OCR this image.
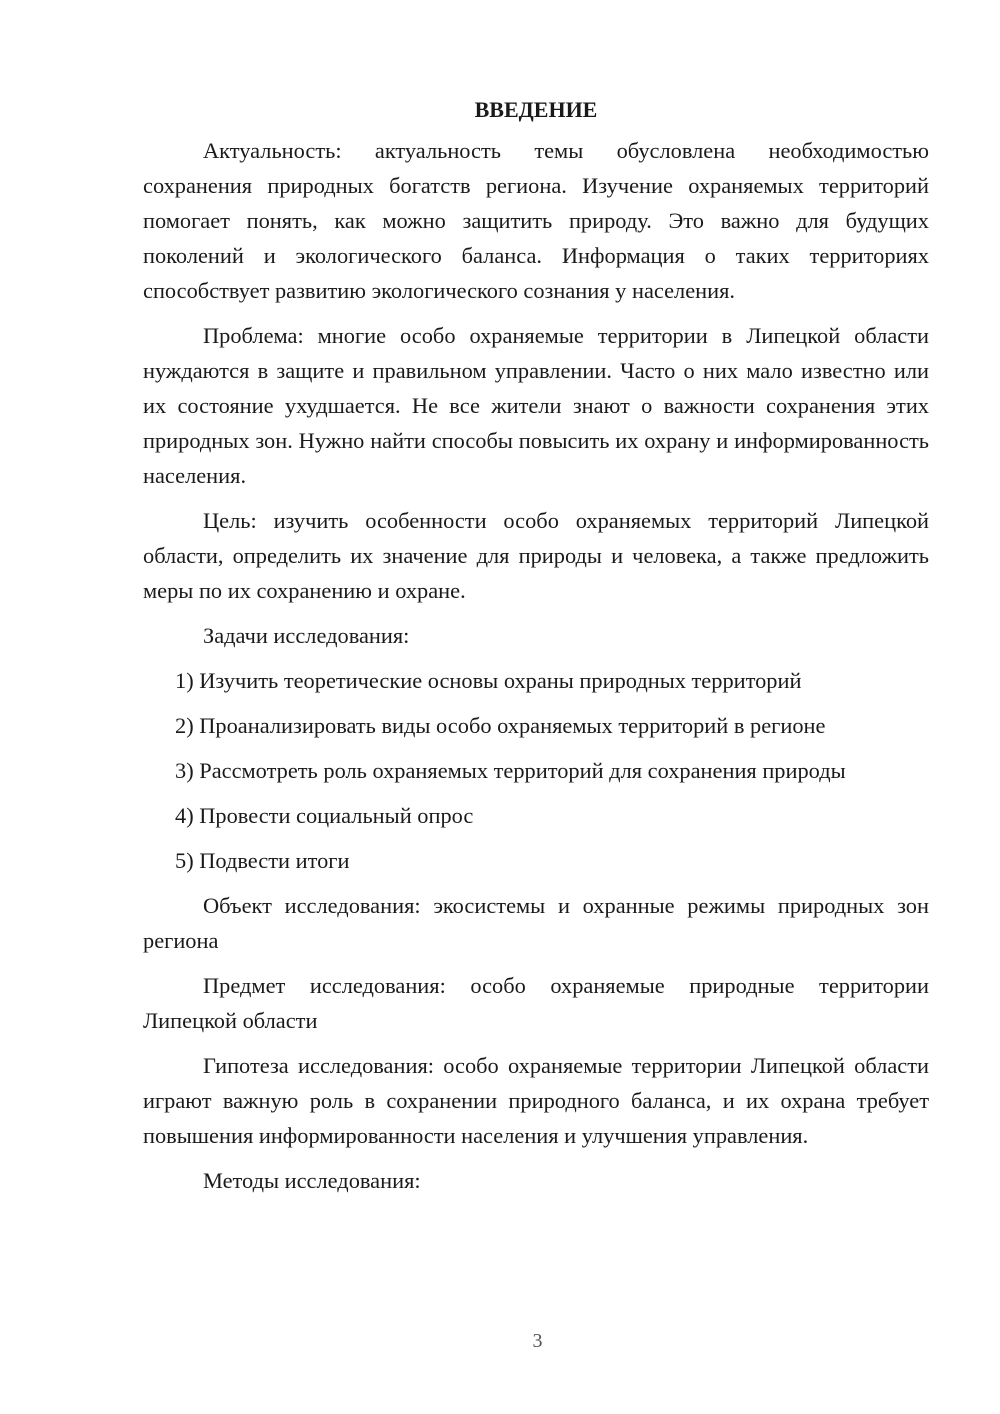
ВВЕДЕНИЕ

Актуальность: актуальность темы обусловлена необходимостью сохранения природных богатств региона. Изучение охраняемых территорий помогает понять, как можно защитить природу. Это важно для будущих поколений и экологического баланса. Информация о таких территориях способствует развитию экологического сознания у населения.

Проблема: многие особо охраняемые территории в Липецкой области нуждаются в защите и правильном управлении. Часто о них мало известно или их состояние ухудшается. Не все жители знают о важности сохранения этих природных зон. Нужно найти способы повысить их охрану и информированность населения.

Цель: изучить особенности особо охраняемых территорий Липецкой области, определить их значение для природы и человека, а также предложить меры по их сохранению и охране.

Задачи исследования:

1) Изучить теоретические основы охраны природных территорий
2) Проанализировать виды особо охраняемых территорий в регионе
3) Рассмотреть роль охраняемых территорий для сохранения природы
4) Провести социальный опрос
5) Подвести итоги

Объект исследования: экосистемы и охранные режимы природных зон региона

Предмет исследования: особо охраняемые природные территории Липецкой области

Гипотеза исследования: особо охраняемые территории Липецкой области играют важную роль в сохранении природного баланса, и их охрана требует повышения информированности населения и улучшения управления.

Методы исследования:

3
